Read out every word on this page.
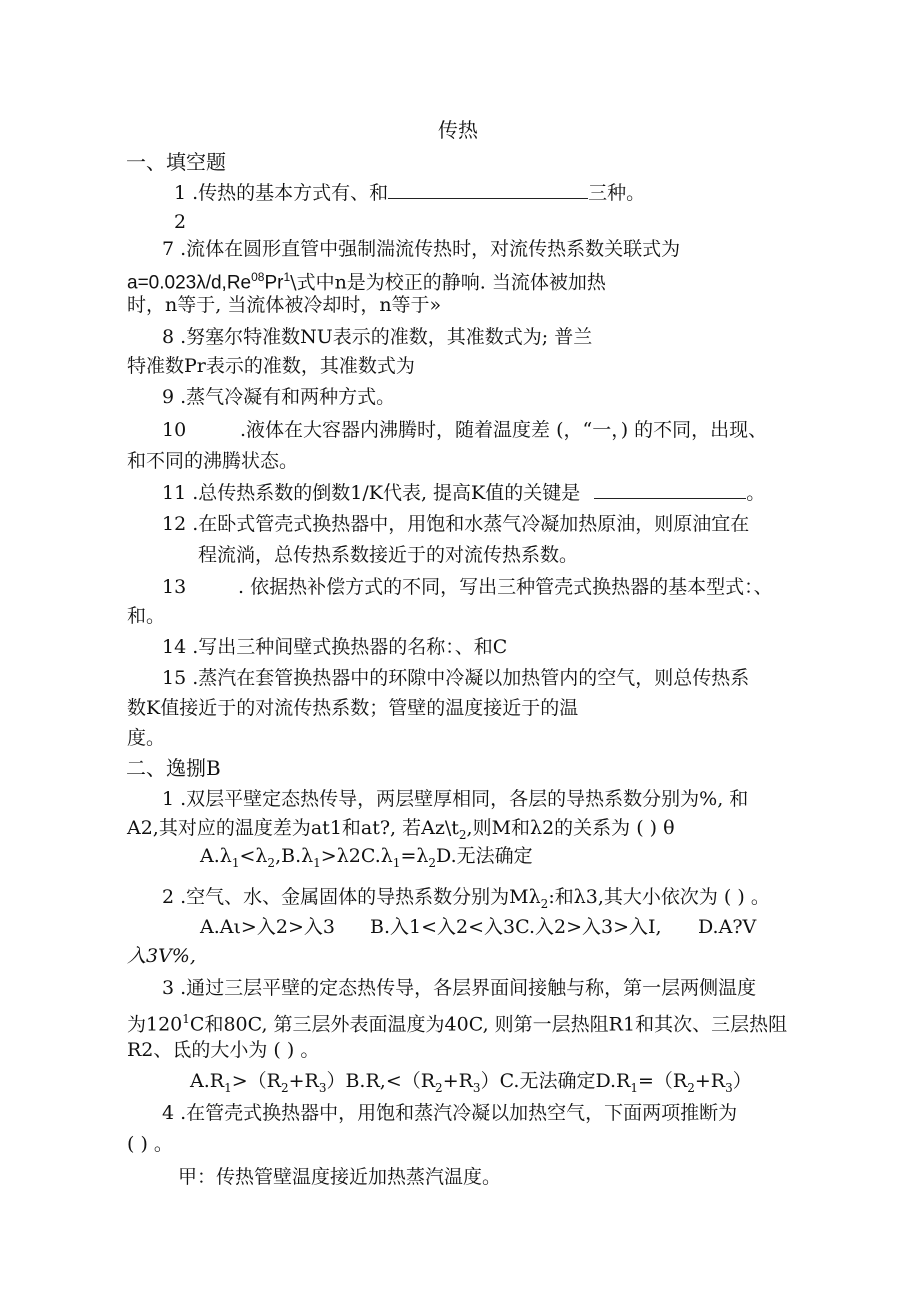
传热
一、填空题
1 .传热的基本方式有、和	三种。
2
7 .流体在圆形直管中强制湍流传热时，对流传热系数关联式为
$a=0.023\lambda/d,Re^{08}Pr^1\backslash$式中n是为校正的静响. 当流体被加热
时，n等于, 当流体被冷却时，n等于»
8 .努塞尔特准数NU表示的准数，其准数式为; 普兰
特准数Pr表示的准数，其准数式为
9 .蒸气冷凝有和两种方式。
10	.液体在大容器内沸腾时，随着温度差 (，“一，) 的不同，出现、
和不同的沸腾状态。
11 .总传热系数的倒数1/K代表, 提高K值的关键是	。
12 .在卧式管壳式换热器中，用饱和水蒸气冷凝加热原油，则原油宜在
程流淌，总传热系数接近于的对流传热系数。
13	. 依据热补偿方式的不同，写出三种管壳式换热器的基本型式：、
和。
14 .写出三种间壁式换热器的名称：、和C
15 .蒸汽在套管换热器中的环隙中冷凝以加热管内的空气，则总传热系
数K值接近于的对流传热系数；管壁的温度接近于的温
度。
二、逸捌B
1 .双层平壁定态热传导，两层壁厚相同，各层的导热系数分别为%, 和
A2,其对应的温度差为at1和at?, 若$Az\backslash t_2$,则M和λ2的关系为 ( ) θ
$A.\lambda_1<\lambda_2,B.\lambda_1>\lambda 2C.\lambda_1=\lambda_2D$.无法确定
2 .空气、水、金属固体的导热系数分别为$M\lambda_2$:和λ3,其大小依次为 ( ) 。
A.Aι>入2>入3 B.入1<入2<入3C.入2>入3>入I, D.A?V
入3V%,
3 .通过三层平壁的定态热传导，各层界面间接触与称，第一层两侧温度
为$120^1C$和80C, 第三层外表面温度为40C, 则第一层热阻R1和其次、三层热阻
R2、氐的大小为 ( ) 。
$A.R_1>(R_2+R_3)B.R,<(R_2+R_3)C$.无法确定$D.R_1=(R_2+R_3)$
4 .在管壳式换热器中，用饱和蒸汽冷凝以加热空气，下面两项推断为
( ) 。
甲：传热管壁温度接近加热蒸汽温度。
